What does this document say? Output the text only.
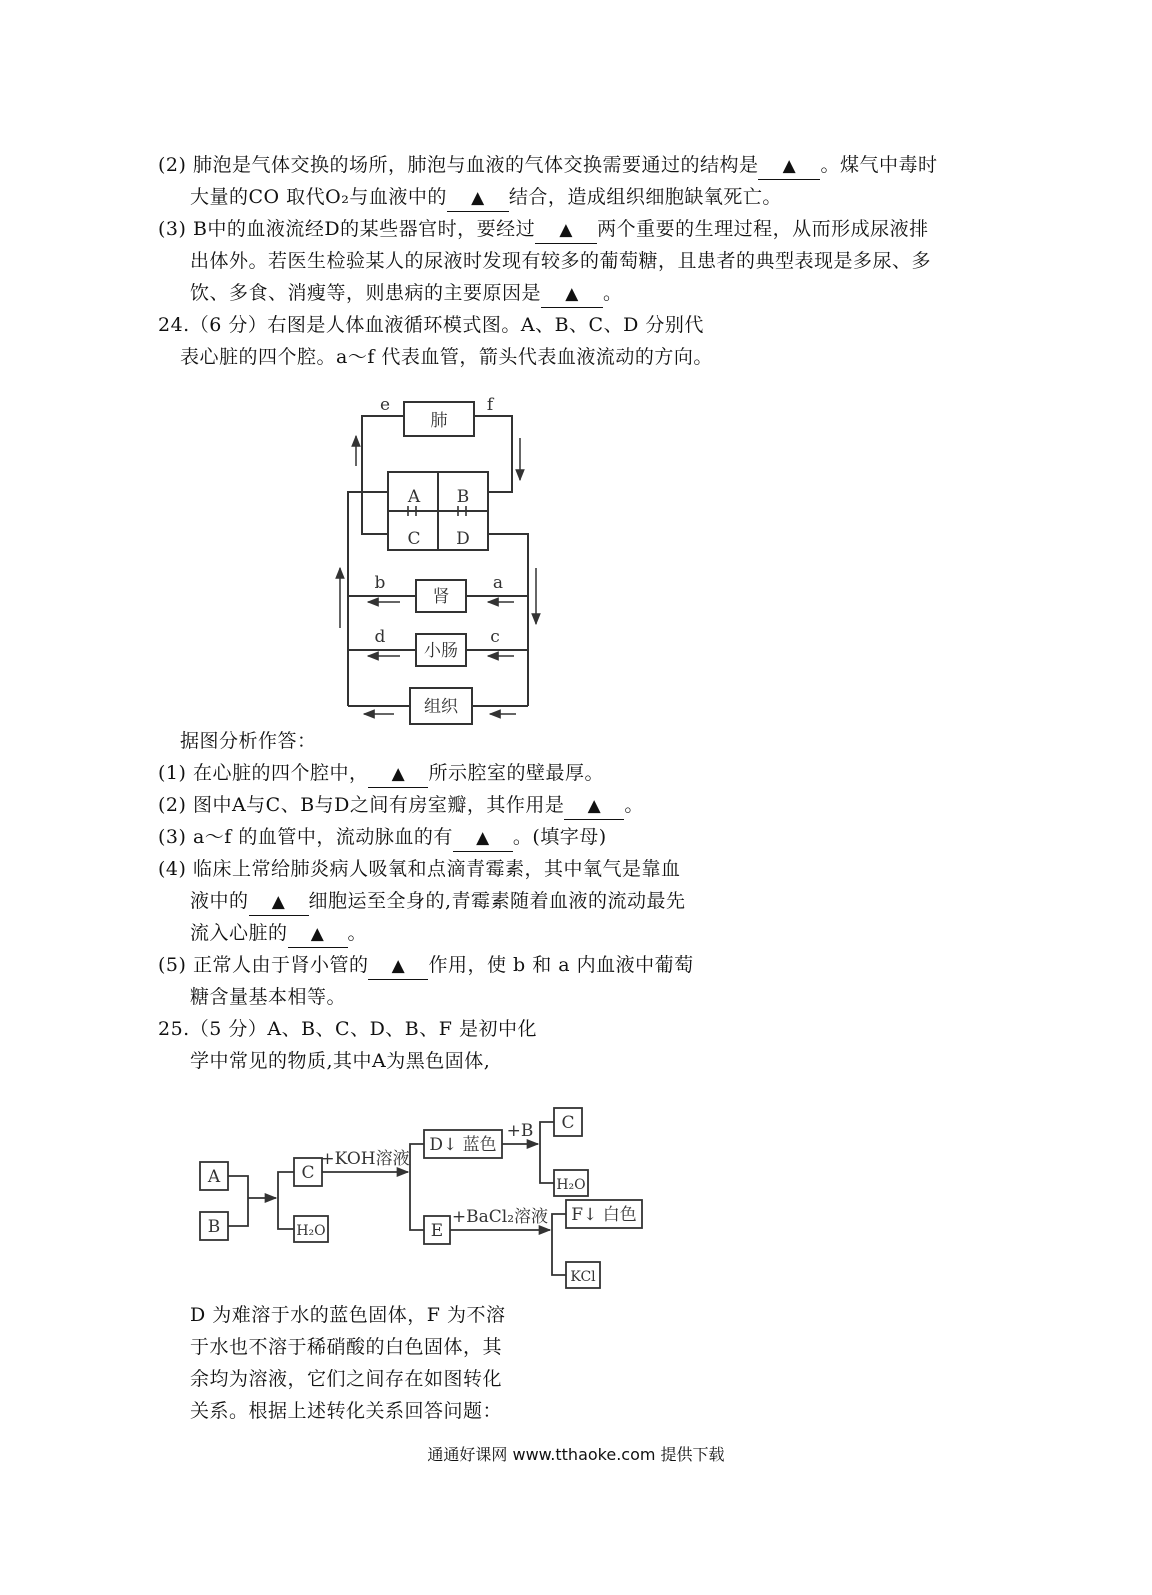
(2) 肺泡是气体交换的场所，肺泡与血液的气体交换需要通过的结构是 ▲ 。煤气中毒时
大量的CO 取代O₂与血液中的 ▲ 结合，造成组织细胞缺氧死亡。
(3) B中的血液流经D的某些器官时，要经过 ▲ 两个重要的生理过程，从而形成尿液排
出体外。若医生检验某人的尿液时发现有较多的葡萄糖，且患者的典型表现是多尿、多
饮、多食、消瘦等，则患病的主要原因是 ▲ 。
24.（6 分）右图是人体血液循环模式图。A、B、C、D 分别代
表心脏的四个腔。a～f 代表血管，箭头代表血液流动的方向。
肺
A B
C D
肾
小肠
组织
e	f
a
b
c
d
据图分析作答：
(1) 在心脏的四个腔中， ▲ 所示腔室的壁最厚。
(2) 图中A与C、B与D之间有房室瓣，其作用是 ▲ 。
(3) a～f 的血管中，流动脉血的有 ▲ 。(填字母)
(4) 临床上常给肺炎病人吸氧和点滴青霉素，其中氧气是靠血
液中的 ▲ 细胞运至全身的,青霉素随着血液的流动最先
流入心脏的 ▲ 。
(5) 正常人由于肾小管的 ▲ 作用，使 b 和 a 内血液中葡萄
糖含量基本相等。
25.（5 分）A、B、C、D、B、F 是初中化
学中常见的物质,其中A为黑色固体,
A
B
C
H₂O
+KOH溶液
D↓ 蓝色
+B C
H₂O
E
+BaCl₂溶液 F↓ 白色
KCl
D 为难溶于水的蓝色固体，F 为不溶
于水也不溶于稀硝酸的白色固体，其
余均为溶液，它们之间存在如图转化
关系。根据上述转化关系回答问题：
通通好课网 www.tthaoke.com 提供下载
